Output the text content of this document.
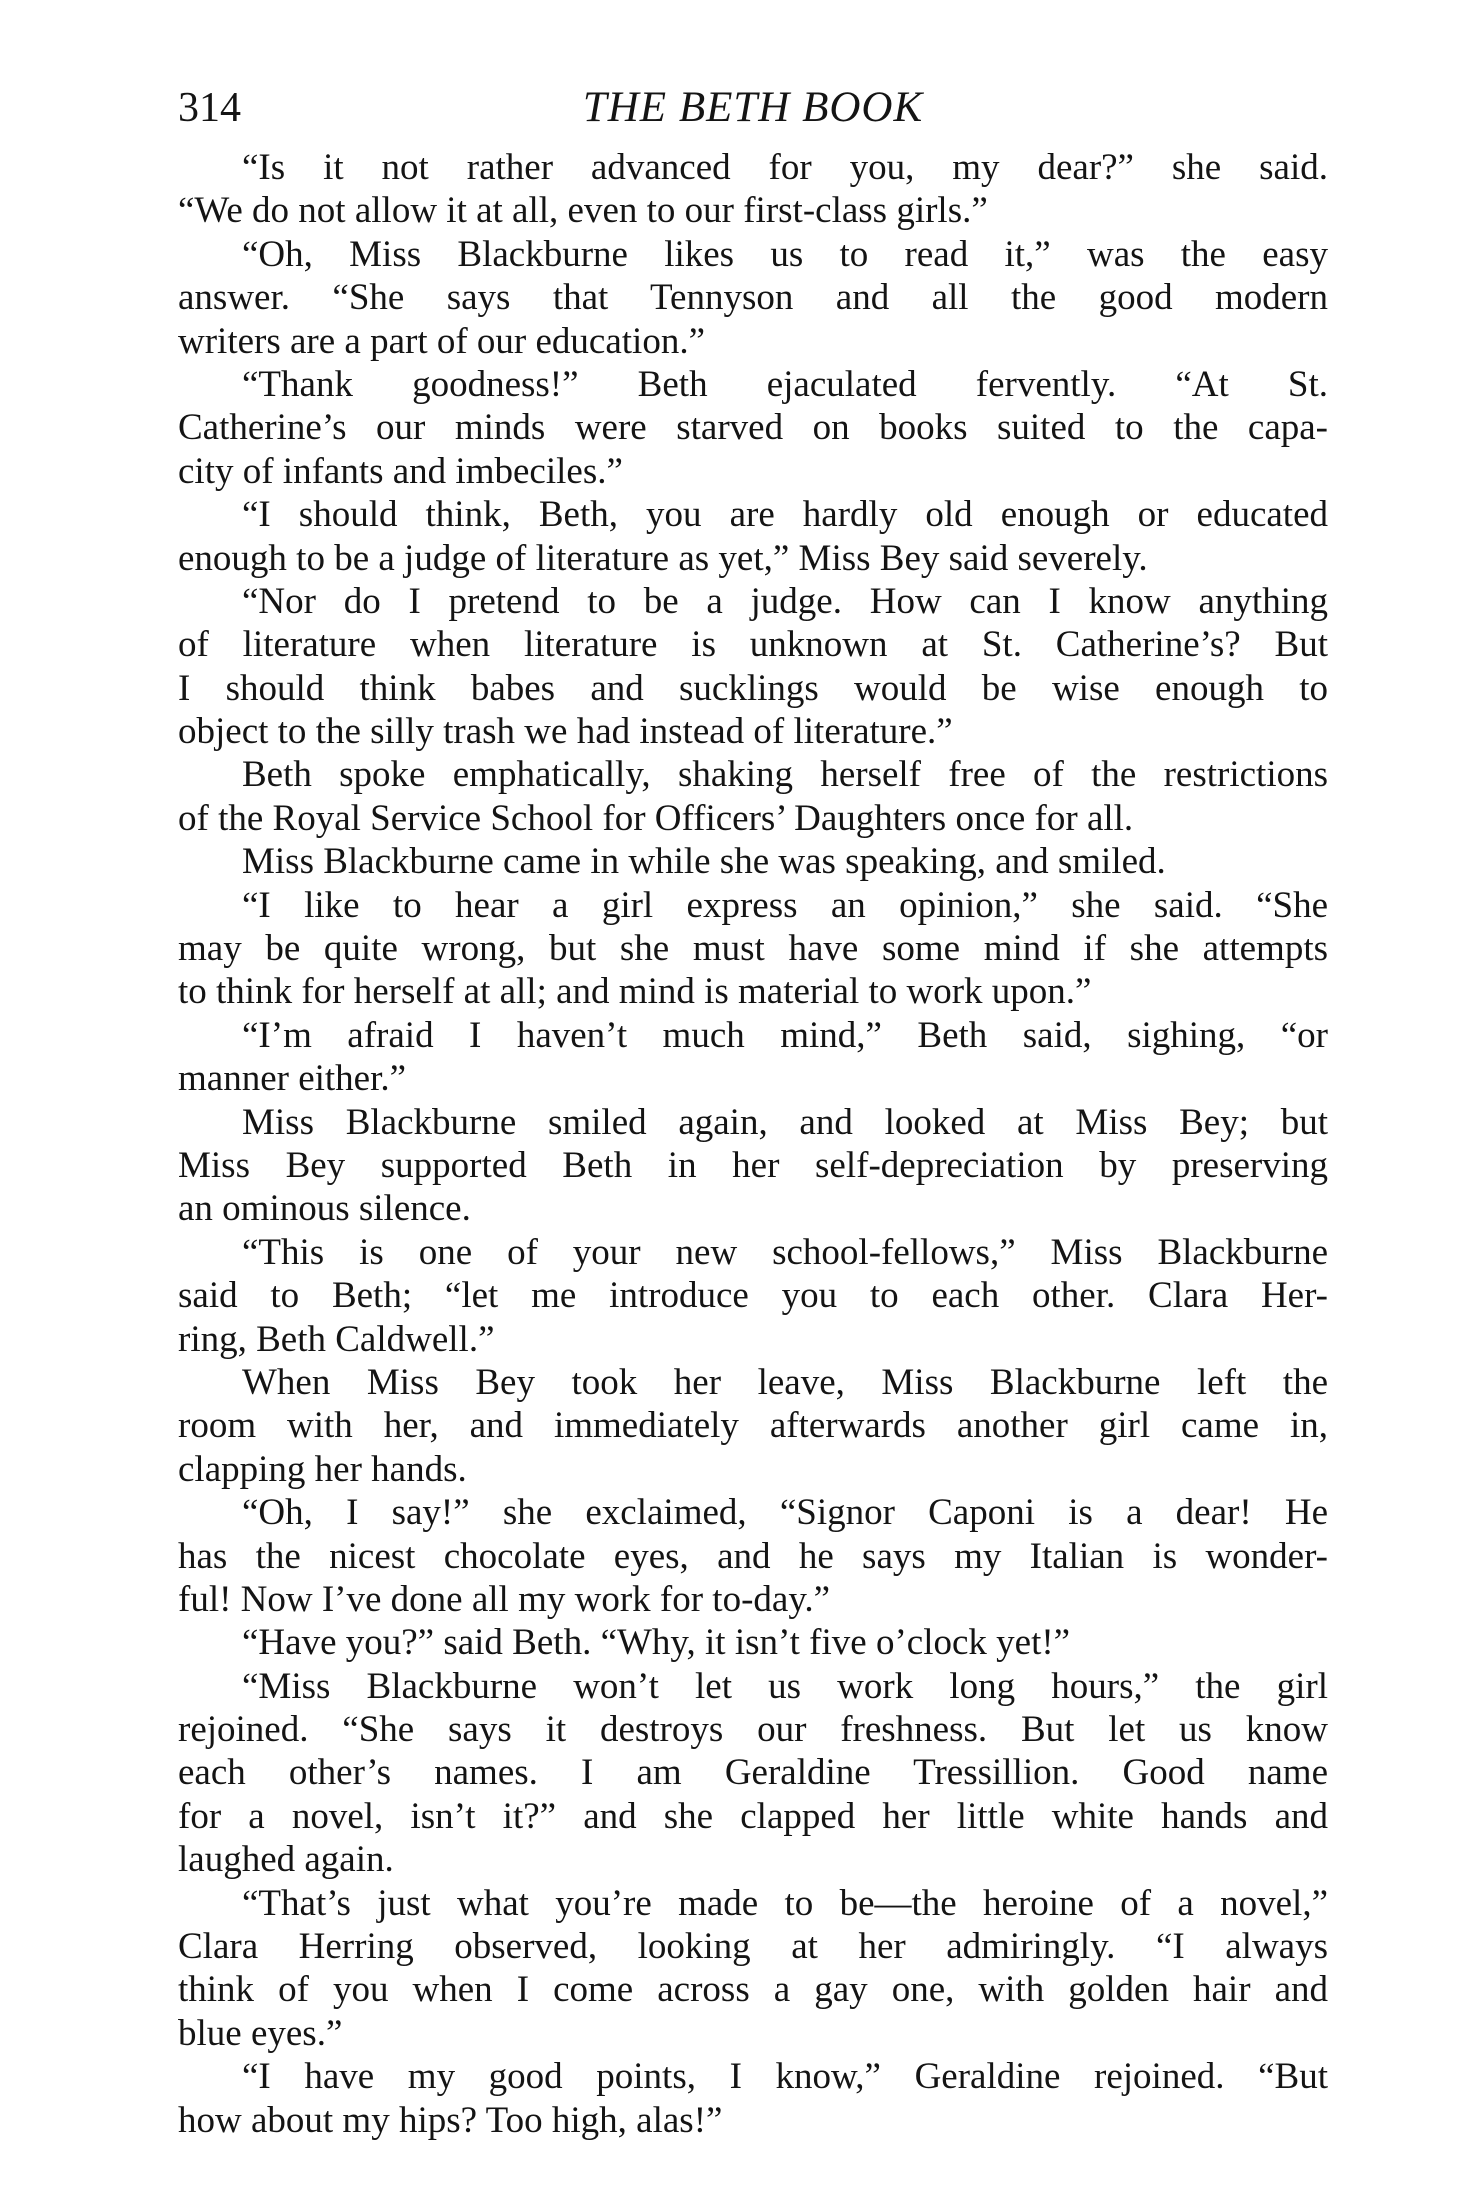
314	THE BETH BOOK
“Is it not rather advanced for you, my dear?” she said.
“We do not allow it at all, even to our first-class girls.”
“Oh, Miss Blackburne likes us to read it,” was the easy
answer. “She says that Tennyson and all the good modern
writers are a part of our education.”
“Thank goodness!” Beth ejaculated fervently. “At St.
Catherine’s our minds were starved on books suited to the capa-
city of infants and imbeciles.”
“I should think, Beth, you are hardly old enough or educated
enough to be a judge of literature as yet,” Miss Bey said severely.
“Nor do I pretend to be a judge. How can I know anything
of literature when literature is unknown at St. Catherine’s? But
I should think babes and sucklings would be wise enough to
object to the silly trash we had instead of literature.”
Beth spoke emphatically, shaking herself free of the restrictions
of the Royal Service School for Officers’ Daughters once for all.
Miss Blackburne came in while she was speaking, and smiled.
“I like to hear a girl express an opinion,” she said. “She
may be quite wrong, but she must have some mind if she attempts
to think for herself at all; and mind is material to work upon.”
“I’m afraid I haven’t much mind,” Beth said, sighing, “or
manner either.”
Miss Blackburne smiled again, and looked at Miss Bey; but
Miss Bey supported Beth in her self-depreciation by preserving
an ominous silence.
“This is one of your new school-fellows,” Miss Blackburne
said to Beth; “let me introduce you to each other. Clara Her-
ring, Beth Caldwell.”
When Miss Bey took her leave, Miss Blackburne left the
room with her, and immediately afterwards another girl came in,
clapping her hands.
“Oh, I say!” she exclaimed, “Signor Caponi is a dear! He
has the nicest chocolate eyes, and he says my Italian is wonder-
ful! Now I’ve done all my work for to-day.”
“Have you?” said Beth. “Why, it isn’t five o’clock yet!”
“Miss Blackburne won’t let us work long hours,” the girl
rejoined. “She says it destroys our freshness. But let us know
each other’s names. I am Geraldine Tressillion. Good name
for a novel, isn’t it?” and she clapped her little white hands and
laughed again.
“That’s just what you’re made to be—the heroine of a novel,”
Clara Herring observed, looking at her admiringly. “I always
think of you when I come across a gay one, with golden hair and
blue eyes.”
“I have my good points, I know,” Geraldine rejoined. “But
how about my hips? Too high, alas!”
